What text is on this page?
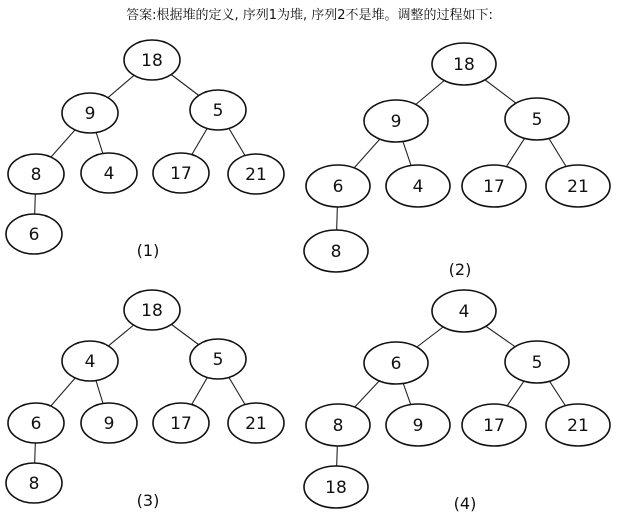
答案:根据堆的定义, 序列1为堆, 序列2不是堆。调整的过程如下:
18
9	5
8	4	17	21
6
(1)
18
9	5
6	4	17	21
8
(2)
18
4	5
6	9	17	21
8
(3)
4
6	5
8	9	17	21
18
(4)
